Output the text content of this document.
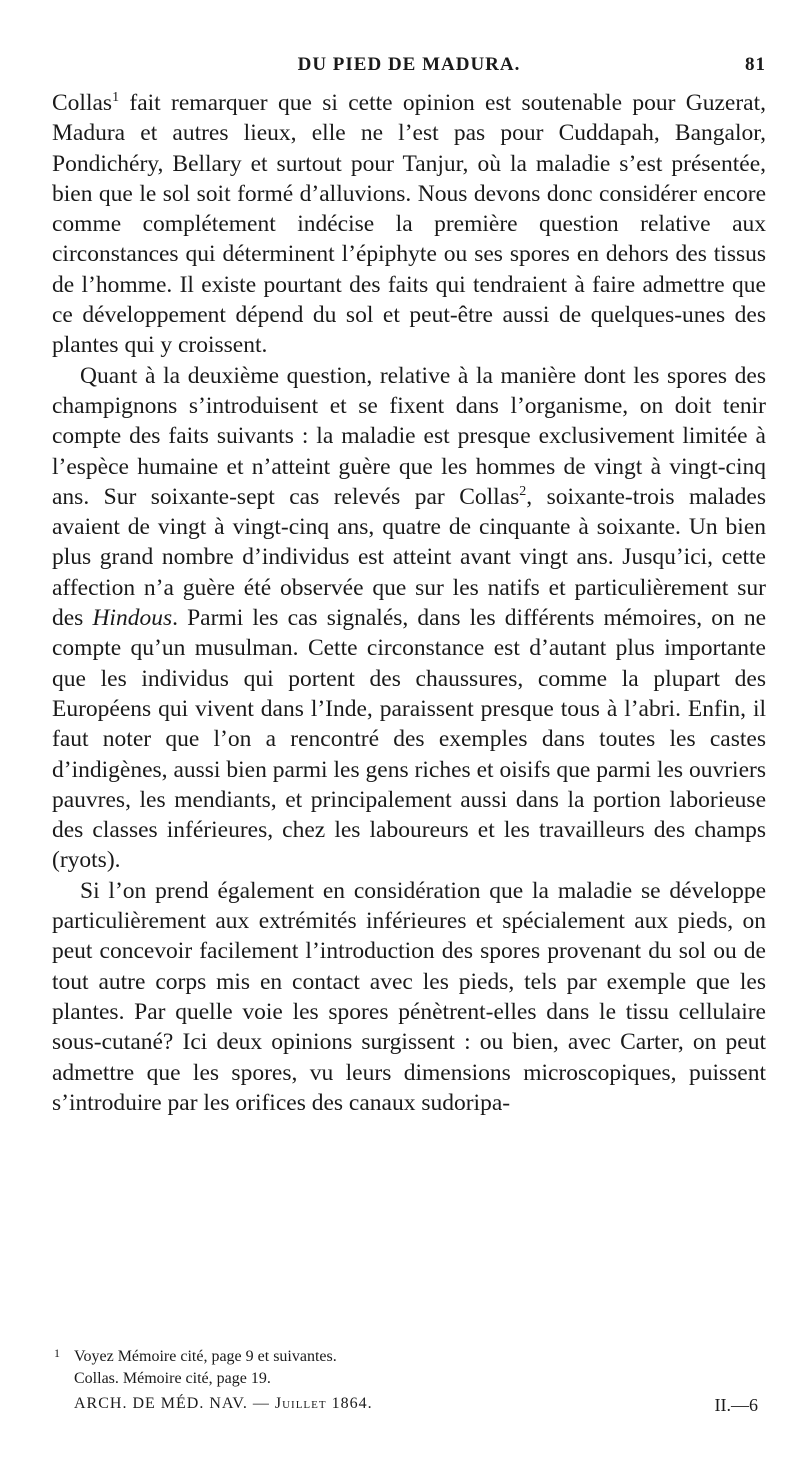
DU PIED DE MADURA.	81

Collas$^1$ fait remarquer que si cette opinion est soutenable pour Guzerat, Madura et autres lieux, elle ne l’est pas pour Cuddapah, Bangalor, Pondichéry, Bellary et surtout pour Tanjur, où la maladie s’est présentée, bien que le sol soit formé d’alluvions. Nous devons donc considérer encore comme complétement indécise la première question relative aux circonstances qui déterminent l’épiphyte ou ses spores en dehors des tissus de l’homme. Il existe pourtant des faits qui tendraient à faire admettre que ce développement dépend du sol et peut-être aussi de quelques-unes des plantes qui y croissent.

Quant à la deuxième question, relative à la manière dont les spores des champignons s’introduisent et se fixent dans l’organisme, on doit tenir compte des faits suivants : la maladie est presque exclusivement limitée à l’espèce humaine et n’atteint guère que les hommes de vingt à vingt-cinq ans. Sur soixante-sept cas relevés par Collas$^2$, soixante-trois malades avaient de vingt à vingt-cinq ans, quatre de cinquante à soixante. Un bien plus grand nombre d’individus est atteint avant vingt ans. Jusqu’ici, cette affection n’a guère été observée que sur les natifs et particulièrement sur des Hindous. Parmi les cas signalés, dans les différents mémoires, on ne compte qu’un musulman. Cette circonstance est d’autant plus importante que les individus qui portent des chaussures, comme la plupart des Européens qui vivent dans l’Inde, paraissent presque tous à l’abri. Enfin, il faut noter que l’on a rencontré des exemples dans toutes les castes d’indigènes, aussi bien parmi les gens riches et oisifs que parmi les ouvriers pauvres, les mendiants, et principalement aussi dans la portion laborieuse des classes inférieures, chez les laboureurs et les travailleurs des champs (ryots).

Si l’on prend également en considération que la maladie se développe particulièrement aux extrémités inférieures et spécialement aux pieds, on peut concevoir facilement l’introduction des spores provenant du sol ou de tout autre corps mis en contact avec les pieds, tels par exemple que les plantes. Par quelle voie les spores pénètrent-elles dans le tissu cellulaire sous-cutané? Ici deux opinions surgissent : ou bien, avec Carter, on peut admettre que les spores, vu leurs dimensions microscopiques, puissent s’introduire par les orifices des canaux sudoripa-

1 Voyez Mémoire cité, page 9 et suivantes.

Collas. Mémoire cité, page 19.

ARCH. DE MÉD. NAV. — Juillet 1864.	II.—6
